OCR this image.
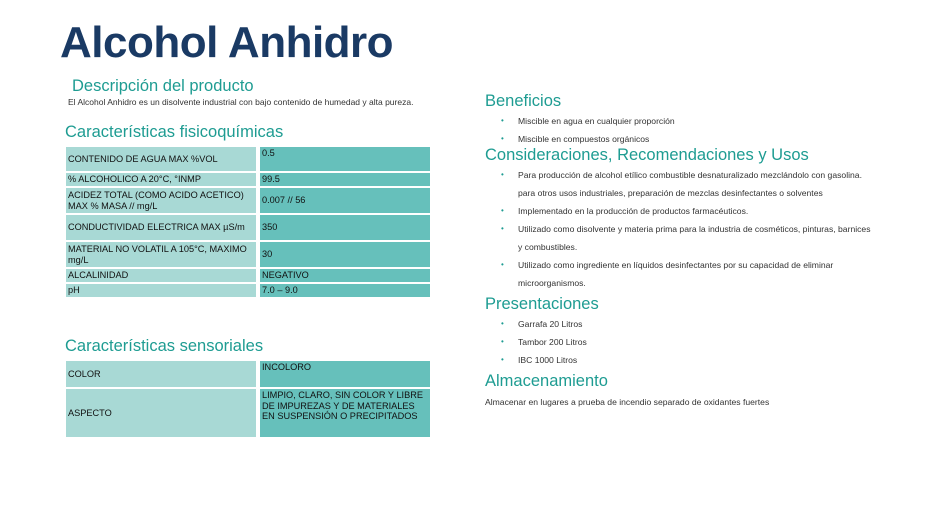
Alcohol Anhidro
Descripción del producto
El Alcohol Anhidro es un disolvente industrial con bajo contenido de humedad y alta pureza.
Características fisicoquímicas
CONTENIDO DE AGUA MAX %VOL		0.5
% ALCOHOLICO A 20°C, °INMP		99.5
ACIDEZ TOTAL (COMO ACIDO ACETICO) MAX % MASA // mg/L		0.007 // 56
CONDUCTIVIDAD ELECTRICA MAX µS/m		350
MATERIAL NO VOLATIL A 105°C, MAXIMO mg/L		30
ALCALINIDAD		NEGATIVO
pH		7.0 – 9.0
Características sensoriales
COLOR		INCOLORO
ASPECTO		LIMPIO, CLARO, SIN COLOR Y LIBRE DE IMPUREZAS Y DE MATERIALES EN SUSPENSIÓN O PRECIPITADOS
Beneficios
• Miscible en agua en cualquier proporción
• Miscible en compuestos orgánicos
Consideraciones, Recomendaciones y Usos
• Para producción de alcohol etílico combustible desnaturalizado mezclándolo con gasolina.
para otros usos industriales, preparación de mezclas desinfectantes o solventes
• Implementado en la producción de productos farmacéuticos.
• Utilizado como disolvente y materia prima para la industria de cosméticos, pinturas, barnices
y combustibles.
• Utilizado como ingrediente en líquidos desinfectantes por su capacidad de eliminar
microorganismos.
Presentaciones
• Garrafa 20 Litros
• Tambor 200 Litros
• IBC 1000 Litros
Almacenamiento
Almacenar en lugares a prueba de incendio separado de oxidantes fuertes
